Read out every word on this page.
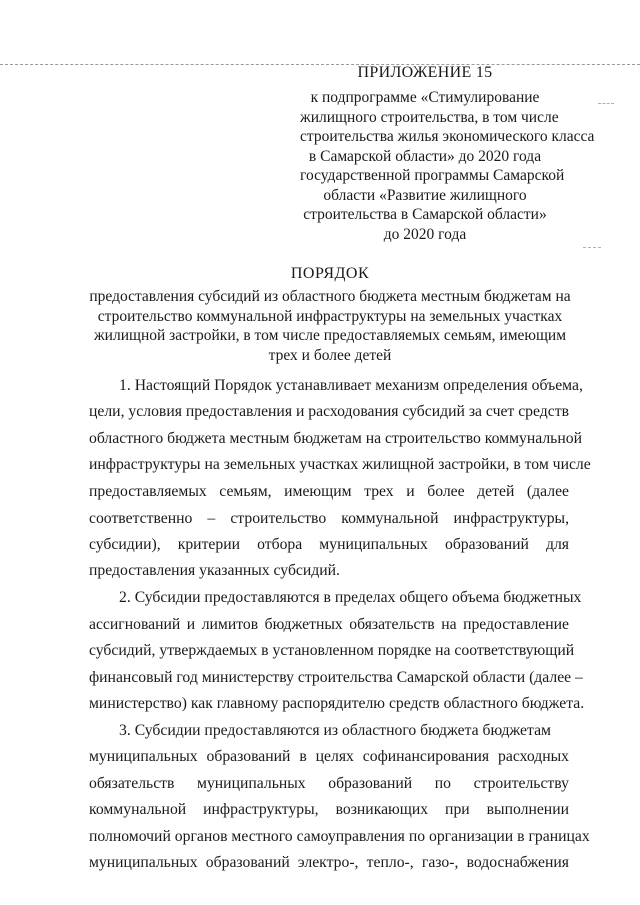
ПРИЛОЖЕНИЕ 15
к подпрограмме «Стимулирование
жилищного строительства, в том числе
строительства жилья экономического класса
в Самарской области» до 2020 года
государственной программы Самарской
области «Развитие жилищного
строительства в Самарской области»
до 2020 года
ПОРЯДОК
предоставления субсидий из областного бюджета местным бюджетам на
строительство коммунальной инфраструктуры на земельных участках
жилищной застройки, в том числе предоставляемых семьям, имеющим
трех и более детей
1. Настоящий Порядок устанавливает механизм определения объема,
цели, условия предоставления и расходования субсидий за счет средств
областного бюджета местным бюджетам на строительство коммунальной
инфраструктуры на земельных участках жилищной застройки, в том числе
предоставляемых семьям, имеющим трех и более детей (далее
соответственно – строительство коммунальной инфраструктуры,
субсидии), критерии отбора муниципальных образований для
предоставления указанных субсидий.
2. Субсидии предоставляются в пределах общего объема бюджетных
ассигнований и лимитов бюджетных обязательств на предоставление
субсидий, утверждаемых в установленном порядке на соответствующий
финансовый год министерству строительства Самарской области (далее –
министерство) как главному распорядителю средств областного бюджета.
3. Субсидии предоставляются из областного бюджета бюджетам
муниципальных образований в целях софинансирования расходных
обязательств муниципальных образований по строительству
коммунальной инфраструктуры, возникающих при выполнении
полномочий органов местного самоуправления по организации в границах
муниципальных образований электро-, тепло-, газо-, водоснабжения
